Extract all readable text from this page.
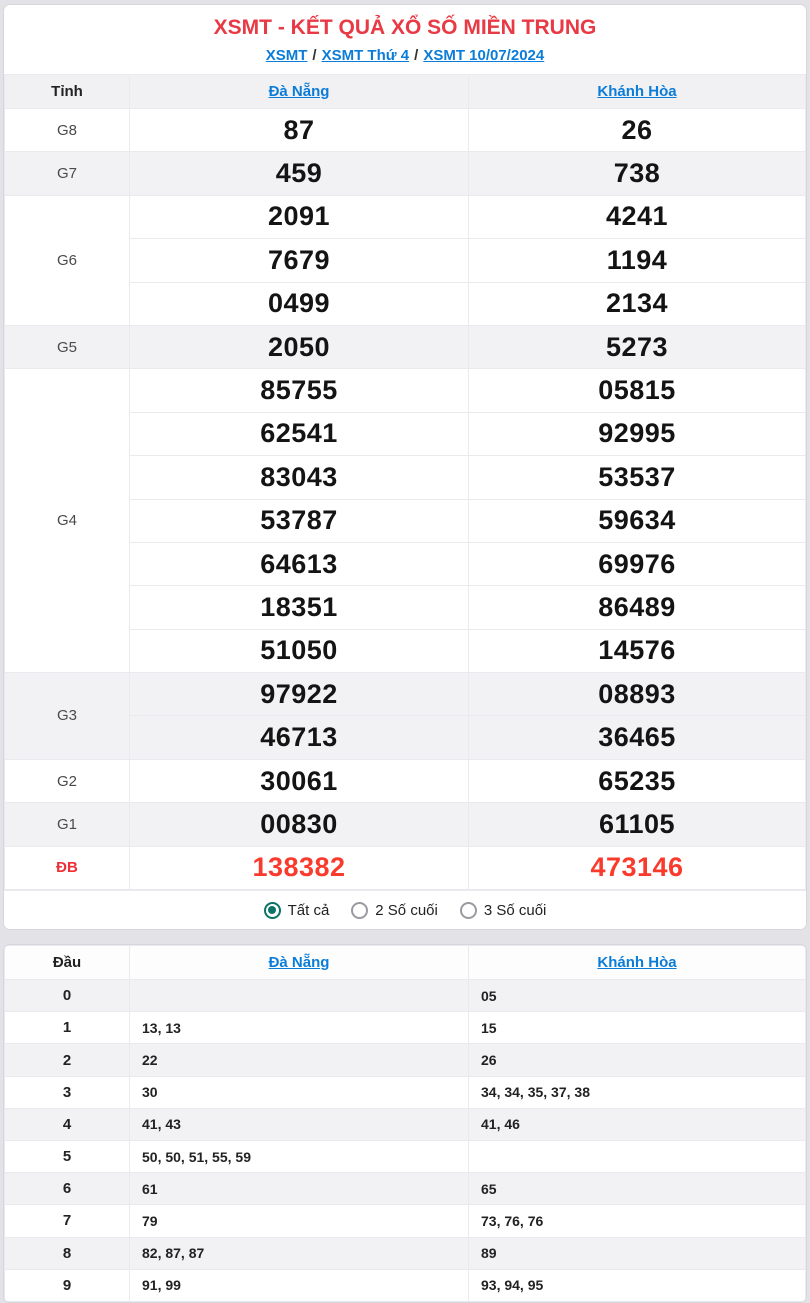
XSMT - KẾT QUẢ XỔ SỐ MIỀN TRUNG
XSMT / XSMT Thứ 4 / XSMT 10/07/2024
Tỉnh	Đà Nẵng	Khánh Hòa
G8	87	26
G7	459	738
G6	2091	4241
	7679	1194
	0499	2134
G5	2050	5273
G4	85755	05815
	62541	92995
	83043	53537
	53787	59634
	64613	69976
	18351	86489
	51050	14576
G3	97922	08893
	46713	36465
G2	30061	65235
G1	00830	61105
ĐB	138382	473146
Tất cả	2 Số cuối	3 Số cuối
Đầu	Đà Nẵng	Khánh Hòa
0		05
1	13, 13	15
2	22	26
3	30	34, 34, 35, 37, 38
4	41, 43	41, 46
5	50, 50, 51, 55, 59	
6	61	65
7	79	73, 76, 76
8	82, 87, 87	89
9	91, 99	93, 94, 95
